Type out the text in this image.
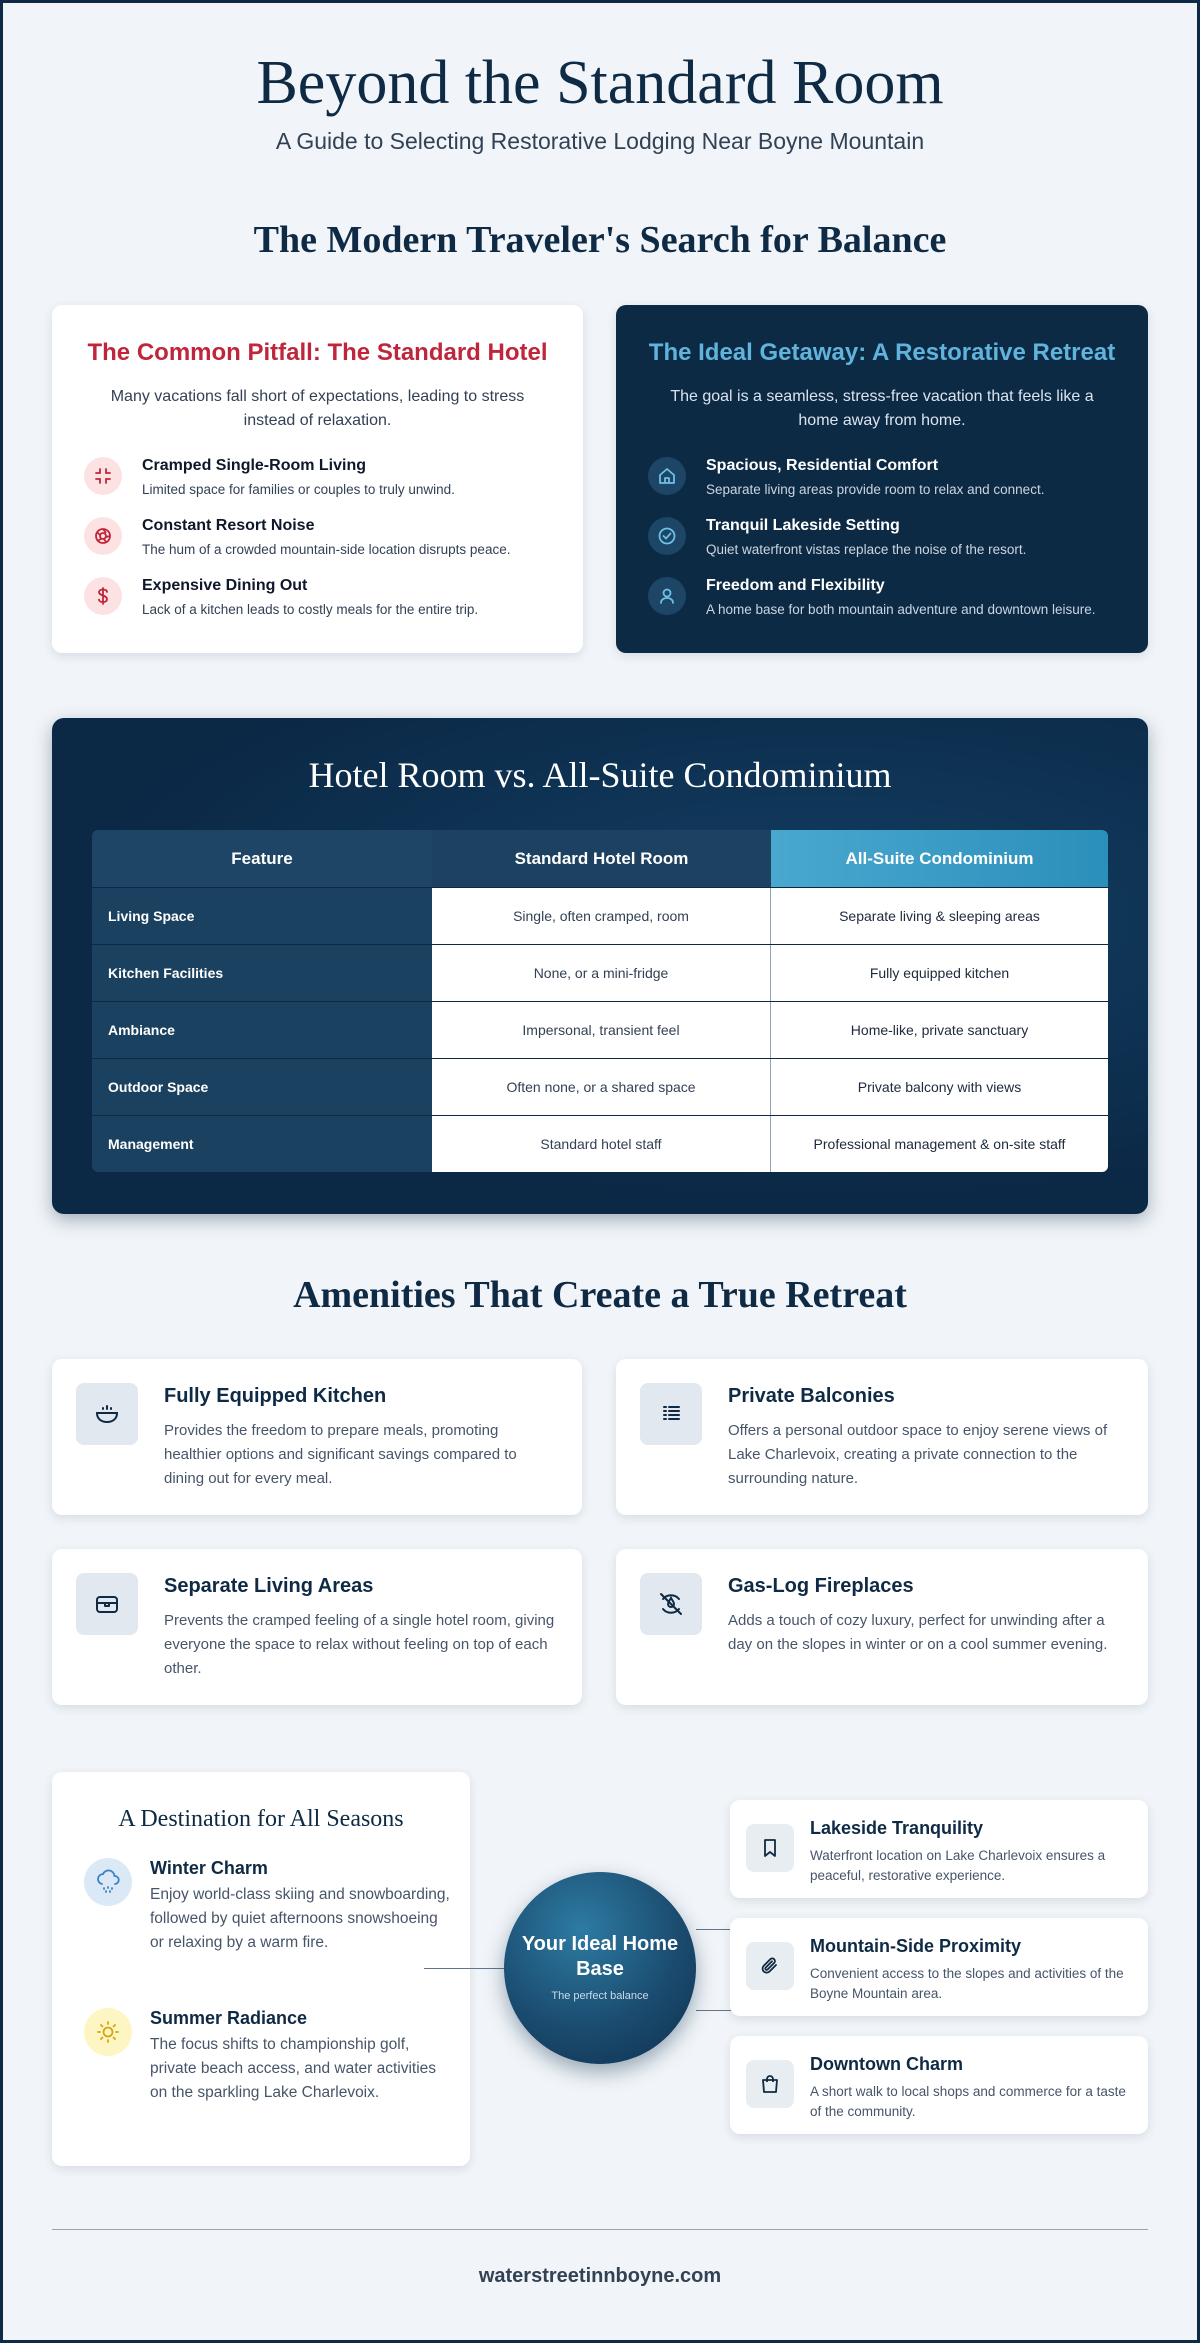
Beyond the Standard Room
A Guide to Selecting Restorative Lodging Near Boyne Mountain
The Modern Traveler's Search for Balance
The Common Pitfall: The Standard Hotel
Many vacations fall short of expectations, leading to stress instead of relaxation.
Cramped Single-Room Living
Limited space for families or couples to truly unwind.
Constant Resort Noise
The hum of a crowded mountain-side location disrupts peace.
Expensive Dining Out
Lack of a kitchen leads to costly meals for the entire trip.
The Ideal Getaway: A Restorative Retreat
The goal is a seamless, stress-free vacation that feels like a home away from home.
Spacious, Residential Comfort
Separate living areas provide room to relax and connect.
Tranquil Lakeside Setting
Quiet waterfront vistas replace the noise of the resort.
Freedom and Flexibility
A home base for both mountain adventure and downtown leisure.
Hotel Room vs. All-Suite Condominium
Feature	Standard Hotel Room	All-Suite Condominium
Living Space	Single, often cramped, room	Separate living & sleeping areas
Kitchen Facilities	None, or a mini-fridge	Fully equipped kitchen
Ambiance	Impersonal, transient feel	Home-like, private sanctuary
Outdoor Space	Often none, or a shared space	Private balcony with views
Management	Standard hotel staff	Professional management & on-site staff
Amenities That Create a True Retreat
Fully Equipped Kitchen
Provides the freedom to prepare meals, promoting healthier options and significant savings compared to dining out for every meal.
Private Balconies
Offers a personal outdoor space to enjoy serene views of Lake Charlevoix, creating a private connection to the surrounding nature.
Separate Living Areas
Prevents the cramped feeling of a single hotel room, giving everyone the space to relax without feeling on top of each other.
Gas-Log Fireplaces
Adds a touch of cozy luxury, perfect for unwinding after a day on the slopes in winter or on a cool summer evening.
A Destination for All Seasons
Winter Charm
Enjoy world-class skiing and snowboarding, followed by quiet afternoons snowshoeing or relaxing by a warm fire.
Summer Radiance
The focus shifts to championship golf, private beach access, and water activities on the sparkling Lake Charlevoix.
Your Ideal Home Base
The perfect balance
Lakeside Tranquility
Waterfront location on Lake Charlevoix ensures a peaceful, restorative experience.
Mountain-Side Proximity
Convenient access to the slopes and activities of the Boyne Mountain area.
Downtown Charm
A short walk to local shops and commerce for a taste of the community.
waterstreetinnboyne.com
